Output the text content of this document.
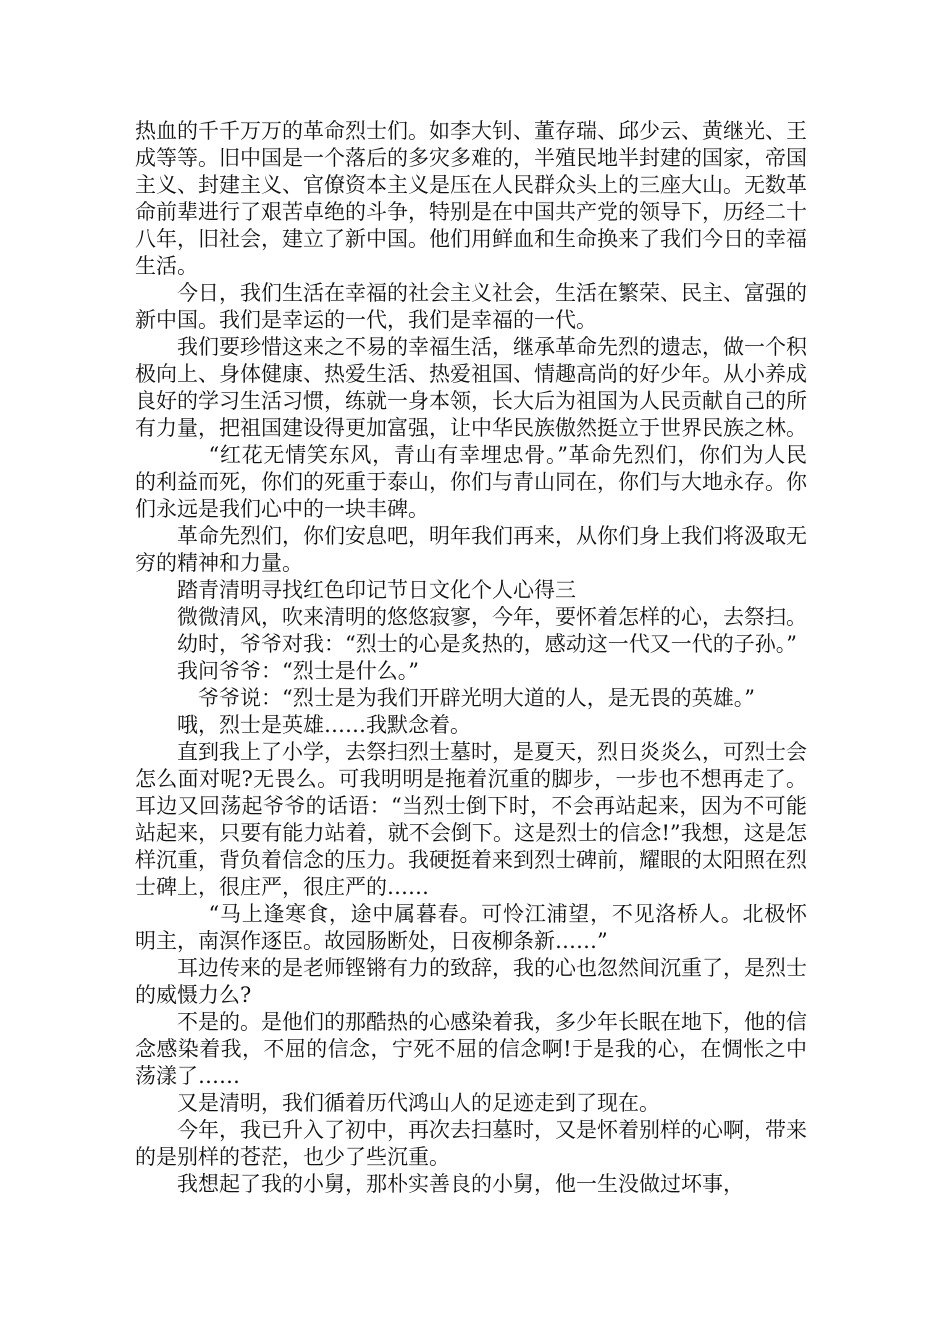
热血的千千万万的革命烈士们。如李大钊、董存瑞、邱少云、黄继光、王成等等。旧中国是一个落后的多灾多难的，半殖民地半封建的国家，帝国主义、封建主义、官僚资本主义是压在人民群众头上的三座大山。无数革命前辈进行了艰苦卓绝的斗争，特别是在中国共产党的领导下，历经二十八年，旧社会，建立了新中国。他们用鲜血和生命换来了我们今日的幸福生活。

今日，我们生活在幸福的社会主义社会，生活在繁荣、民主、富强的新中国。我们是幸运的一代，我们是幸福的一代。

我们要珍惜这来之不易的幸福生活，继承革命先烈的遗志，做一个积极向上、身体健康、热爱生活、热爱祖国、情趣高尚的好少年。从小养成良好的学习生活习惯，练就一身本领，长大后为祖国为人民贡献自己的所有力量，把祖国建设得更加富强，让中华民族傲然挺立于世界民族之林。

“红花无情笑东风，青山有幸埋忠骨。”革命先烈们，你们为人民的利益而死，你们的死重于泰山，你们与青山同在，你们与大地永存。你们永远是我们心中的一块丰碑。

革命先烈们，你们安息吧，明年我们再来，从你们身上我们将汲取无穷的精神和力量。

踏青清明寻找红色印记节日文化个人心得三

微微清风，吹来清明的悠悠寂寥，今年，要怀着怎样的心，去祭扫。

幼时，爷爷对我：“烈士的心是炙热的，感动这一代又一代的子孙。”

我问爷爷：“烈士是什么。”

爷爷说：“烈士是为我们开辟光明大道的人，是无畏的英雄。”

哦，烈士是英雄……我默念着。

直到我上了小学，去祭扫烈士墓时，是夏天，烈日炎炎么，可烈士会怎么面对呢?无畏么。可我明明是拖着沉重的脚步，一步也不想再走了。耳边又回荡起爷爷的话语：“当烈士倒下时，不会再站起来，因为不可能站起来，只要有能力站着，就不会倒下。这是烈士的信念!”我想，这是怎样沉重，背负着信念的压力。我硬挺着来到烈士碑前，耀眼的太阳照在烈士碑上，很庄严，很庄严的……

“马上逢寒食，途中属暮春。可怜江浦望，不见洛桥人。北极怀明主，南溟作逐臣。故园肠断处，日夜柳条新……”

耳边传来的是老师铿锵有力的致辞，我的心也忽然间沉重了，是烈士的威慑力么?

不是的。是他们的那酷热的心感染着我，多少年长眠在地下，他的信念感染着我，不屈的信念，宁死不屈的信念啊!于是我的心，在惆怅之中荡漾了……

又是清明，我们循着历代鸿山人的足迹走到了现在。

今年，我已升入了初中，再次去扫墓时，又是怀着别样的心啊，带来的是别样的苍茫，也少了些沉重。

我想起了我的小舅，那朴实善良的小舅，他一生没做过坏事，
